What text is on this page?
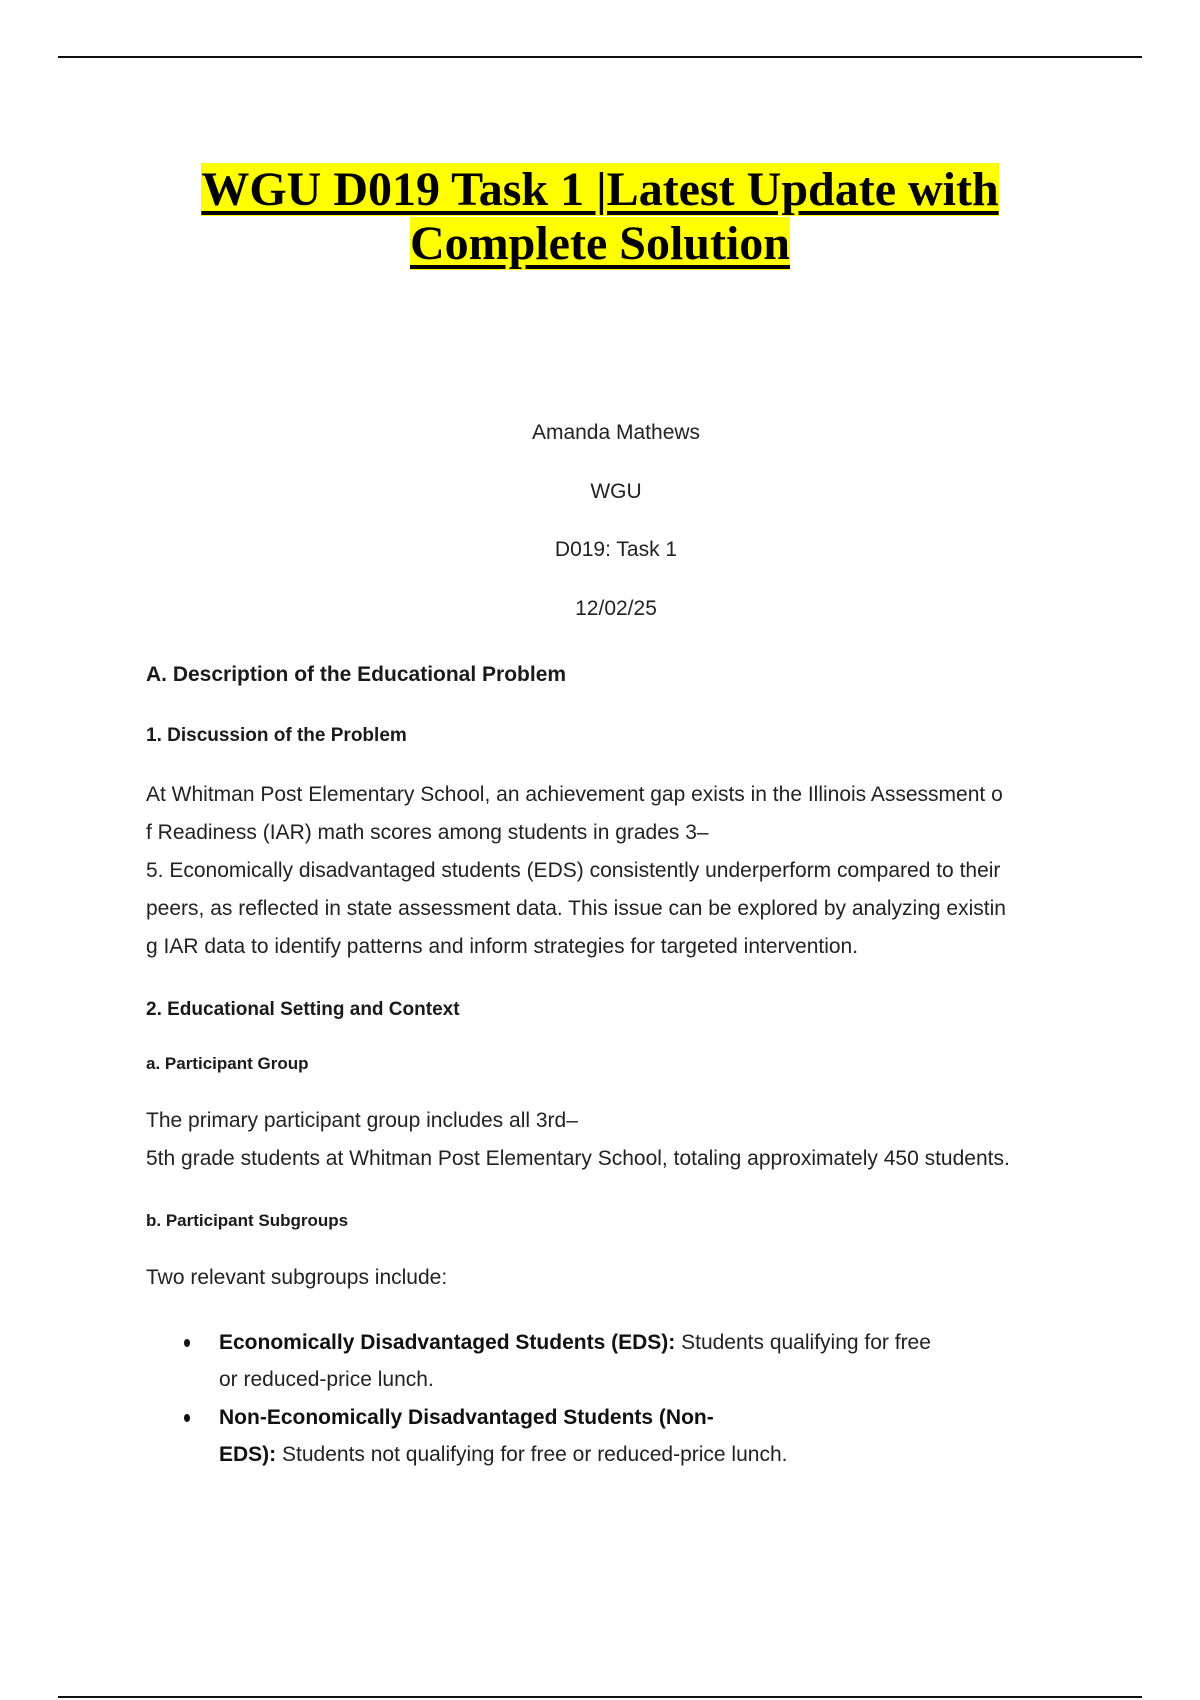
WGU D019 Task 1 |Latest Update with
Complete Solution
Amanda Mathews
WGU
D019: Task 1
12/02/25
A. Description of the Educational Problem
1. Discussion of the Problem
At Whitman Post Elementary School, an achievement gap exists in the Illinois Assessment o
f Readiness (IAR) math scores among students in grades 3–
5. Economically disadvantaged students (EDS) consistently underperform compared to their
peers, as reflected in state assessment data. This issue can be explored by analyzing existin
g IAR data to identify patterns and inform strategies for targeted intervention.
2. Educational Setting and Context
a. Participant Group
The primary participant group includes all 3rd–
5th grade students at Whitman Post Elementary School, totaling approximately 450 students.
b. Participant Subgroups
Two relevant subgroups include:
Economically Disadvantaged Students (EDS): Students qualifying for free
or reduced-price lunch.
Non-Economically Disadvantaged Students (Non-
EDS): Students not qualifying for free or reduced-price lunch.
